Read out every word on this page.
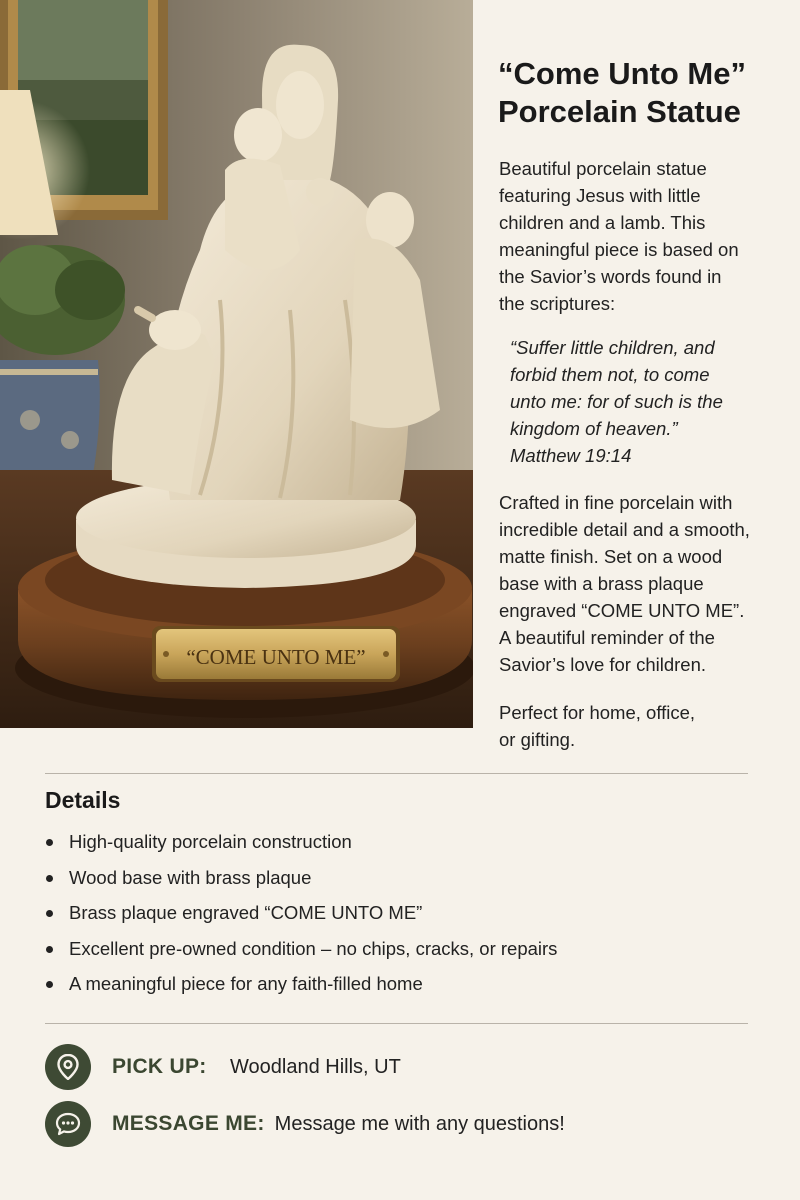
“COME UNTO ME”
“Come Unto Me”
Porcelain Statue

Beautiful porcelain statue
featuring Jesus with little
children and a lamb. This
meaningful piece is based on
the Savior’s words found in
the scriptures:

“Suffer little children, and
forbid them not, to come
unto me: for of such is the
kingdom of heaven.”
Matthew 19:14

Crafted in fine porcelain with
incredible detail and a smooth,
matte finish. Set on a wood
base with a brass plaque
engraved “COME UNTO ME”.
A beautiful reminder of the
Savior’s love for children.

Perfect for home, office,
or gifting.

Details
High-quality porcelain construction
Wood base with brass plaque
Brass plaque engraved “COME UNTO ME”
Excellent pre-owned condition – no chips, cracks, or repairs
A meaningful piece for any faith-filled home
PICK UP:	Woodland Hills, UT
MESSAGE ME: Message me with any questions!
